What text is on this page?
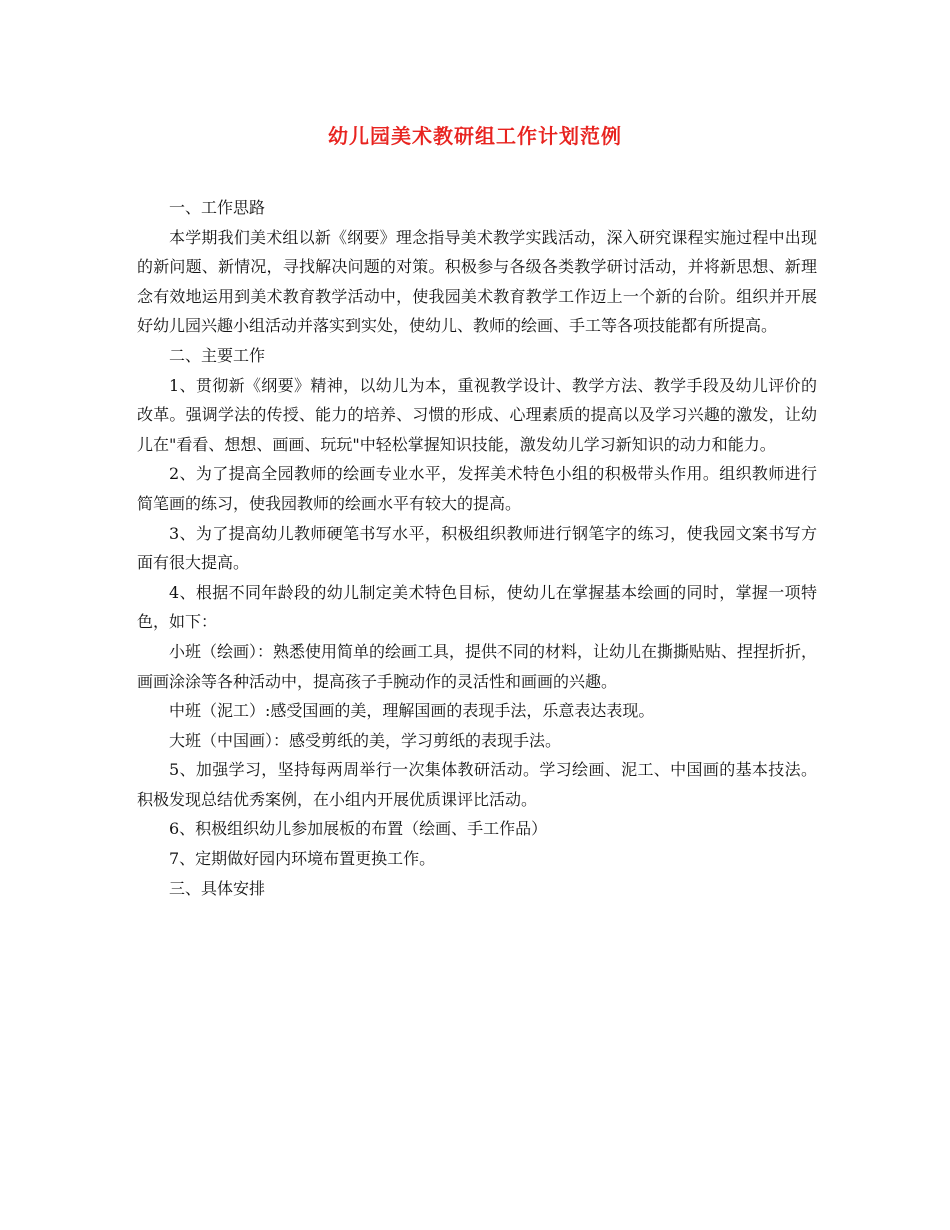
幼儿园美术教研组工作计划范例

一、工作思路

本学期我们美术组以新《纲要》理念指导美术教学实践活动，深入研究课程实施过程中出现的新问题、新情况，寻找解决问题的对策。积极参与各级各类教学研讨活动，并将新思想、新理念有效地运用到美术教育教学活动中，使我园美术教育教学工作迈上一个新的台阶。组织并开展好幼儿园兴趣小组活动并落实到实处，使幼儿、教师的绘画、手工等各项技能都有所提高。

二、主要工作

1、贯彻新《纲要》精神，以幼儿为本，重视教学设计、教学方法、教学手段及幼儿评价的改革。强调学法的传授、能力的培养、习惯的形成、心理素质的提高以及学习兴趣的激发，让幼儿在"看看、想想、画画、玩玩"中轻松掌握知识技能，激发幼儿学习新知识的动力和能力。

2、为了提高全园教师的绘画专业水平，发挥美术特色小组的积极带头作用。组织教师进行简笔画的练习，使我园教师的绘画水平有较大的提高。

3、为了提高幼儿教师硬笔书写水平，积极组织教师进行钢笔字的练习，使我园文案书写方面有很大提高。

4、根据不同年龄段的幼儿制定美术特色目标，使幼儿在掌握基本绘画的同时，掌握一项特色，如下：

小班（绘画）：熟悉使用简单的绘画工具，提供不同的材料，让幼儿在撕撕贴贴、捏捏折折，画画涂涂等各种活动中，提高孩子手腕动作的灵活性和画画的兴趣。

中班（泥工）:感受国画的美，理解国画的表现手法，乐意表达表现。

大班（中国画）：感受剪纸的美，学习剪纸的表现手法。

5、加强学习，坚持每两周举行一次集体教研活动。学习绘画、泥工、中国画的基本技法。积极发现总结优秀案例，在小组内开展优质课评比活动。

6、积极组织幼儿参加展板的布置（绘画、手工作品）

7、定期做好园内环境布置更换工作。

三、具体安排
